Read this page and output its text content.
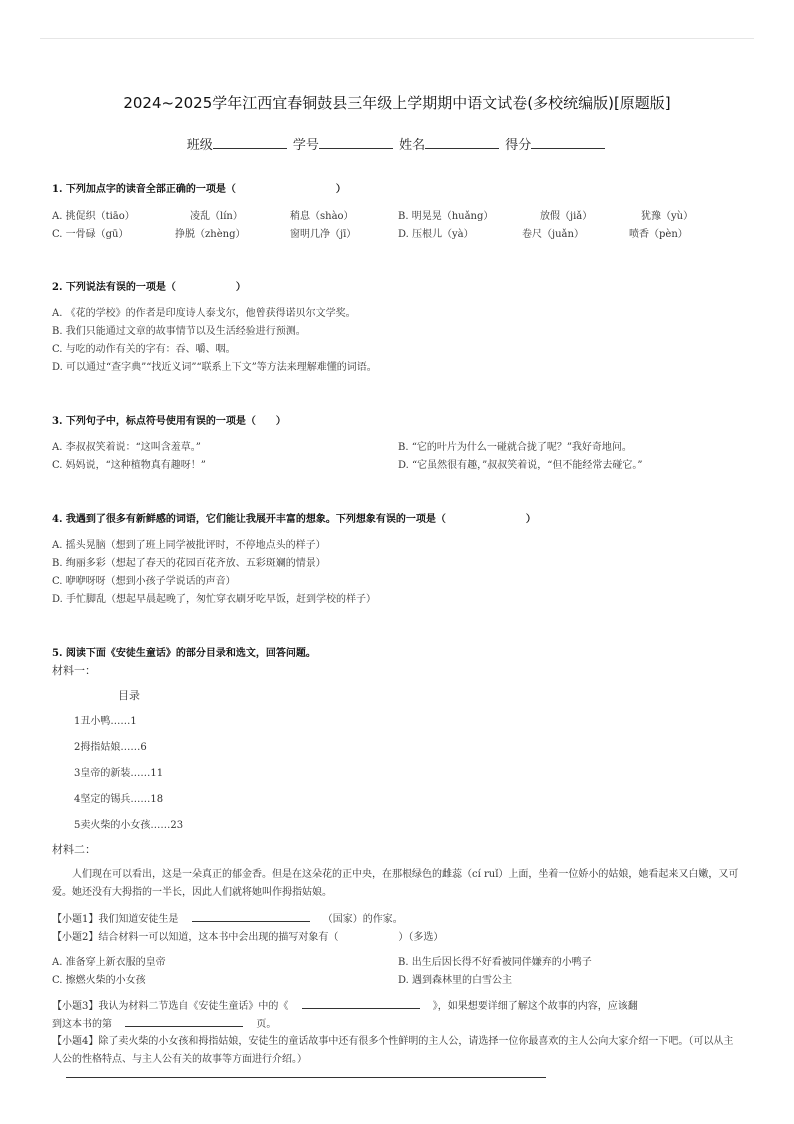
2024~2025学年江西宜春铜鼓县三年级上学期期中语文试卷(多校统编版)[原题版]
班级	学号	姓名	得分
1. 下列加点字的读音全部正确的一项是（　　　　　　　　　　）
A. 挑促织（tiāo）	凌乱（lín）	稍息（shào）	B. 明晃晃（huǎng）	放假（jiǎ）	犹豫（yù）
C. 一骨碌（gū）	挣脱（zhèng）	窗明几净（jī）	D. 压根儿（yà）	卷尺（juǎn）	喷香（pèn）
2. 下列说法有误的一项是（　　　　　　）
A. 《花的学校》的作者是印度诗人泰戈尔，他曾获得诺贝尔文学奖。
B. 我们只能通过文章的故事情节以及生活经验进行预测。
C. 与吃的动作有关的字有：吞、嚼、咽。
D. 可以通过“查字典”“找近义词”“联系上下文”等方法来理解难懂的词语。
3. 下列句子中，标点符号使用有误的一项是（　　）
A. 李叔叔笑着说：“这叫含羞草。”	B. “它的叶片为什么一碰就合拢了呢？”我好奇地问。
C. 妈妈说，“这种植物真有趣呀！”	D. “它虽然很有趣，”叔叔笑着说，“但不能经常去碰它。”
4. 我遇到了很多有新鲜感的词语，它们能让我展开丰富的想象。下列想象有误的一项是（　　　　　　　　）
A. 摇头晃脑（想到了班上同学被批评时，不停地点头的样子）
B. 绚丽多彩（想起了春天的花园百花齐放、五彩斑斓的情景）
C. 咿咿呀呀（想到小孩子学说话的声音）
D. 手忙脚乱（想起早晨起晚了，匆忙穿衣刷牙吃早饭，赶到学校的样子）
5. 阅读下面《安徒生童话》的部分目录和选文，回答问题。
材料一：
目录
1丑小鸭……1
2拇指姑娘……6
3皇帝的新装……11
4坚定的锡兵……18
5卖火柴的小女孩……23
材料二：
人们现在可以看出，这是一朵真正的郁金香。但是在这朵花的正中央，在那根绿色的雌蕊（cí ruǐ）上面，坐着一位娇小的姑娘，她看起来又白嫩，又可爱。她还没有大拇指的一半长，因此人们就将她叫作拇指姑娘。
【小题1】我们知道安徒生是	（国家）的作家。
【小题2】结合材料一可以知道，这本书中会出现的描写对象有（　　　　　　）（多选）
A. 准备穿上新衣服的皇帝	B. 出生后因长得不好看被同伴嫌弃的小鸭子
C. 擦燃火柴的小女孩	D. 遇到森林里的白雪公主
【小题3】我认为材料二节选自《安徒生童话》中的《	》，如果想要详细了解这个故事的内容，应该翻
到这本书的第	页。
【小题4】除了卖火柴的小女孩和拇指姑娘，安徒生的童话故事中还有很多个性鲜明的主人公，请选择一位你最喜欢的主人公向大家介绍一下吧。（可以从主人公的性格特点、与主人公有关的故事等方面进行介绍。）
